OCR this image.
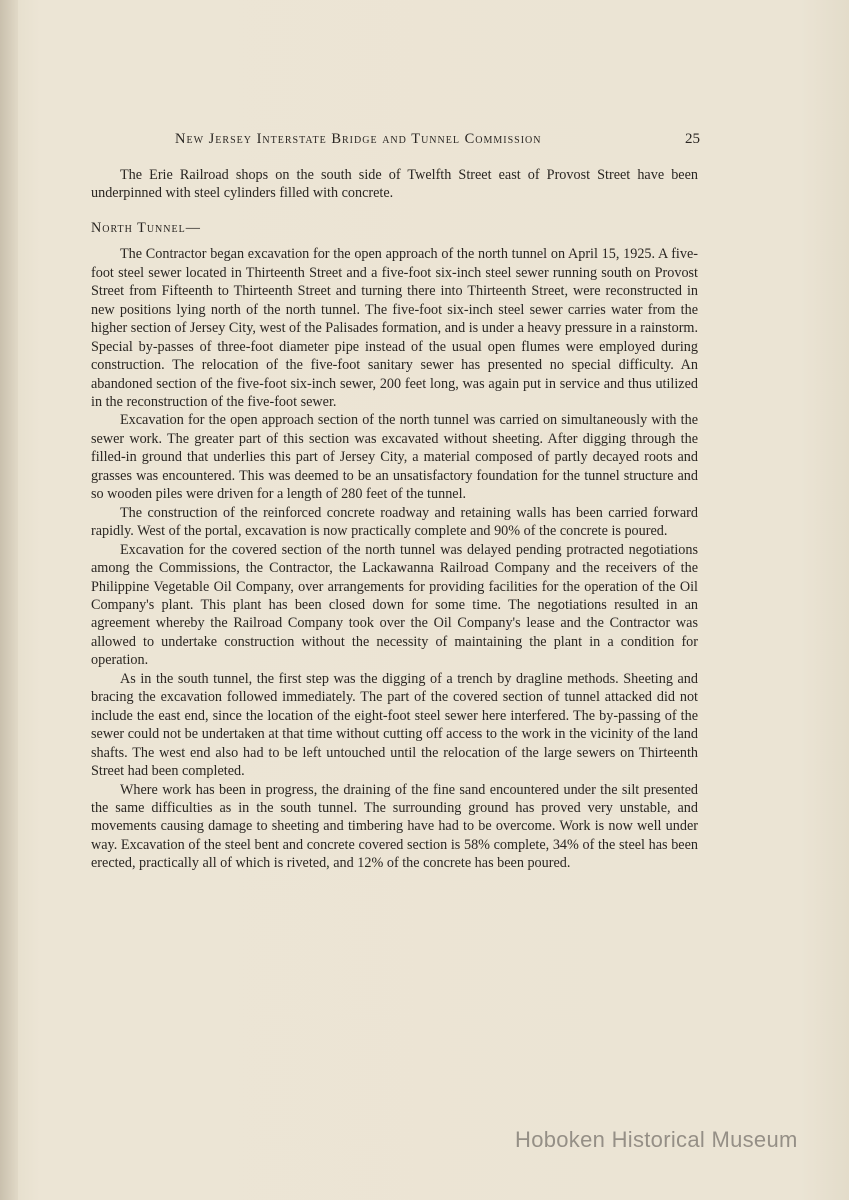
New Jersey Interstate Bridge and Tunnel Commission	25

The Erie Railroad shops on the south side of Twelfth Street east of Provost Street have been underpinned with steel cylinders filled with concrete.

North Tunnel—

The Contractor began excavation for the open approach of the north tunnel on April 15, 1925. A five-foot steel sewer located in Thirteenth Street and a five-foot six-inch steel sewer running south on Provost Street from Fifteenth to Thirteenth Street and turning there into Thirteenth Street, were reconstructed in new positions lying north of the north tunnel. The five-foot six-inch steel sewer carries water from the higher section of Jersey City, west of the Palisades formation, and is under a heavy pressure in a rainstorm. Special by-passes of three-foot diameter pipe instead of the usual open flumes were employed during construction. The relocation of the five-foot sanitary sewer has presented no special difficulty. An abandoned section of the five-foot six-inch sewer, 200 feet long, was again put in service and thus utilized in the reconstruction of the five-foot sewer.

Excavation for the open approach section of the north tunnel was carried on simultaneously with the sewer work. The greater part of this section was excavated without sheeting. After digging through the filled-in ground that underlies this part of Jersey City, a material composed of partly decayed roots and grasses was encountered. This was deemed to be an unsatisfactory foundation for the tunnel structure and so wooden piles were driven for a length of 280 feet of the tunnel.

The construction of the reinforced concrete roadway and retaining walls has been carried forward rapidly. West of the portal, excavation is now practically complete and 90% of the concrete is poured.

Excavation for the covered section of the north tunnel was delayed pending protracted negotiations among the Commissions, the Contractor, the Lackawanna Railroad Company and the receivers of the Philippine Vegetable Oil Company, over arrangements for providing facilities for the operation of the Oil Company's plant. This plant has been closed down for some time. The negotiations resulted in an agreement whereby the Railroad Company took over the Oil Company's lease and the Contractor was allowed to undertake construction without the necessity of maintaining the plant in a condition for operation.

As in the south tunnel, the first step was the digging of a trench by dragline methods. Sheeting and bracing the excavation followed immediately. The part of the covered section of tunnel attacked did not include the east end, since the location of the eight-foot steel sewer here interfered. The by-passing of the sewer could not be undertaken at that time without cutting off access to the work in the vicinity of the land shafts. The west end also had to be left untouched until the relocation of the large sewers on Thirteenth Street had been completed.

Where work has been in progress, the draining of the fine sand encountered under the silt presented the same difficulties as in the south tunnel. The surrounding ground has proved very unstable, and movements causing damage to sheeting and timbering have had to be overcome. Work is now well under way. Excavation of the steel bent and concrete covered section is 58% complete, 34% of the steel has been erected, practically all of which is riveted, and 12% of the concrete has been poured.

Hoboken Historical Museum
